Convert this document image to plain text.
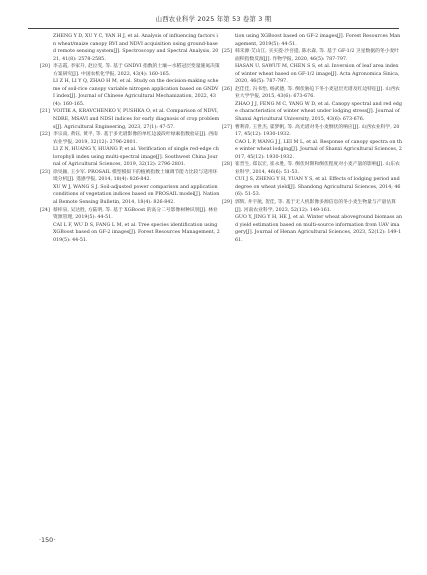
山西农业科学 2025 年第 53 卷第 3 期
ZHENG Y D, XU Y C, YAN H J, et al. Analysis of influencing factors in wheat/maize canopy RVI and NDVI acquisition using ground-based remote sensing system[J]. Spectroscopy and Spectral Analysis, 2021, 41(8): 2578-2585.
[20] 李志霞, 李家升, 赵泣雯, 等. 基于 GNDVI 指数的土壤—水稻冠层变量施氮决策方案研究[J]. 中国农机化学报, 2022, 43(4): 160-165.
LI Z H, LI Y Q, ZHAO H M, et al. Study on the decision-making scheme of soil-rice canopy variable nitrogen application based on GNDVI index[J]. Journal of Chinese Agricultural Mechanization, 2022, 43(4): 160-165.
[21] VOITIK A, KRAVCHENKO V, PUSHKA O, et al. Comparison of NDVI, NDRE, MSAVI and NDSI indices for early diagnosis of crop problems[J]. Agricultural Engineering, 2023, 27(1): 47-57.
[22] 李宗南, 黄钰, 黄平, 等. 基于多光谱影像的单红边波段叶绿素指数验证[J]. 西南农业学报, 2019, 32(12): 2796-2801.
LI Z N, HUANG Y, HUANG P, et al. Verification of single red-edge chlorophyll index using multi-spectral image[J]. Southwest China Journal of Agricultural Sciences, 2019, 32(12): 2796-2801.
[23] 徐旻颖, 王少军. PROSAIL 模型模拟下的植被指数土壤调节能力比较与适用环境分析[J]. 遥感学报, 2014, 18(4): 826-842.
XU W J, WANG S J. Soil-adjusted power comparison and application conditions of vegetation indices based on PROSAIL model[J]. National Remote Sensing Bulletin, 2014, 18(4): 826-842.
[24] 蔡梓泉, 吴达胜, 方陆明, 等. 基于 XGBoost 的高分二号影像树种识别[J]. 林业资源管理, 2019(5): 44-51.
CAI L F, WU D S, FANG L M, et al. Tree species identification using XGBoost based on GF-2 images[J]. Forest Resources Management, 2019(5): 44-51.
tion using XGBoost based on GF-2 images[J]. Forest Resources Management, 2019(5): 44-51.
[25] 韩禾源·艾山江, 买买提·沙吾提, 陈水森, 等. 基于 GF-1/2 卫星数据的冬小麦叶面积指数反演[J]. 作物学报, 2020, 46(5): 787-797.
HASAN U, SAWUT M, CHEN S S, et al. Inversion of leaf area index of winter wheat based on GF-1/2 image[J]. Acta Agronomica Sinica, 2020, 46(5): 787-797.
[26] 赵佳佳, 冯书怡, 杨武德, 等. 倒伏胁迫下冬小麦冠层光谱及红边特征[J]. 山西农业大学学报, 2015, 43(6): 673-676.
ZHAO J J, FENG M C, YANG W D, et al. Canopy spectral and red edge characteristics of winter wheat under lodging stress[J]. Journal of Shanxi Agricultural University, 2015, 43(6): 673-676.
[27] 曹利萍, 王世杰, 霍梦帆, 等. 高光谱对冬小麦倒伏的响应[J]. 山西农业科学, 2017, 45(12): 1930-1932.
CAO L P, WANG J J, LEI M L, et al. Response of canopy spectra on the winter wheat lodging[J]. Journal of Shanxi Agricultural Sciences, 2017, 45(12): 1930-1932.
[28] 崔晋生, 郑以宏, 崔永胜, 等. 倒伏时期和倒伏程度对小麦产量的影响[J]. 山东农业科学, 2014, 46(6): 51-53.
CUI J S, ZHENG Y H, YUAN Y S, et al. Effects of lodging period and degree on wheat yield[J]. Shandong Agricultural Sciences, 2014, 46(6): 51-53.
[29] 郭辉, 井宇航, 贺佳, 等. 基于无人机影像多源信息的冬小麦生物量与产量估算[J]. 河南农业科学, 2023, 52(12): 149-161.
GUO Y, JING Y H, HE J, et al. Winter wheat aboveground biomass and yield estimation based on multi-source information from UAV imagery[J]. Journal of Henan Agricultural Sciences, 2023, 52(12): 149-161.
·150·
